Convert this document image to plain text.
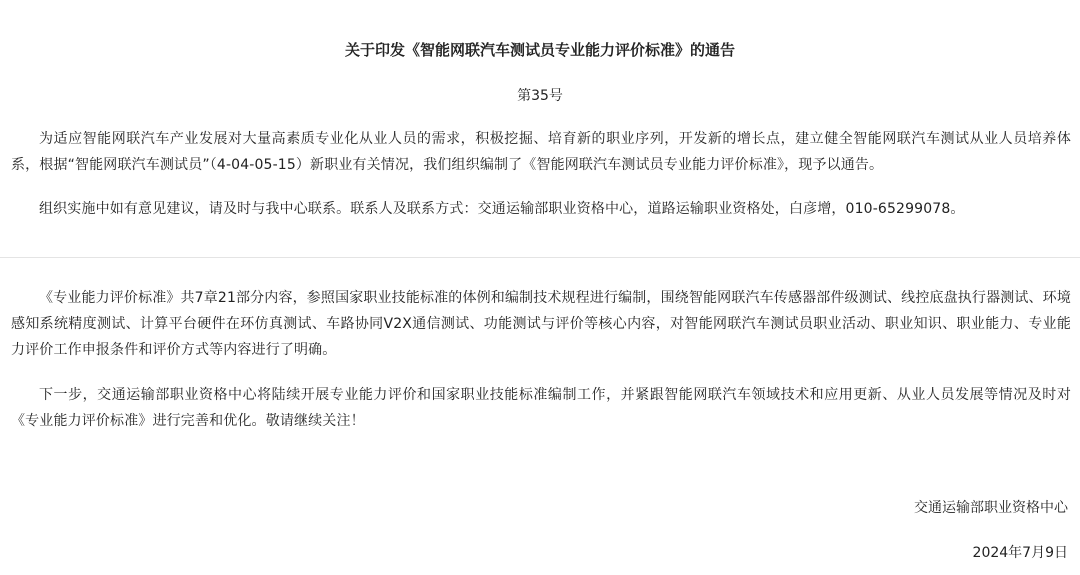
关于印发《智能网联汽车测试员专业能力评价标准》的通告
第35号

为适应智能网联汽车产业发展对大量高素质专业化从业人员的需求，积极挖掘、培育新的职业序列，开发新的增长点，建立健全智能网联汽车测试从业人员培养体系，根据“智能网联汽车测试员”（4-04-05-15）新职业有关情况，我们组织编制了《智能网联汽车测试员专业能力评价标准》，现予以通告。

组织实施中如有意见建议，请及时与我中心联系。联系人及联系方式：交通运输部职业资格中心，道路运输职业资格处，白彦增，010-65299078。

《专业能力评价标准》共7章21部分内容，参照国家职业技能标准的体例和编制技术规程进行编制，围绕智能网联汽车传感器部件级测试、线控底盘执行器测试、环境感知系统精度测试、计算平台硬件在环仿真测试、车路协同V2X通信测试、功能测试与评价等核心内容，对智能网联汽车测试员职业活动、职业知识、职业能力、专业能力评价工作申报条件和评价方式等内容进行了明确。

下一步，交通运输部职业资格中心将陆续开展专业能力评价和国家职业技能标准编制工作，并紧跟智能网联汽车领域技术和应用更新、从业人员发展等情况及时对《专业能力评价标准》进行完善和优化。敬请继续关注！

交通运输部职业资格中心
2024年7月9日
